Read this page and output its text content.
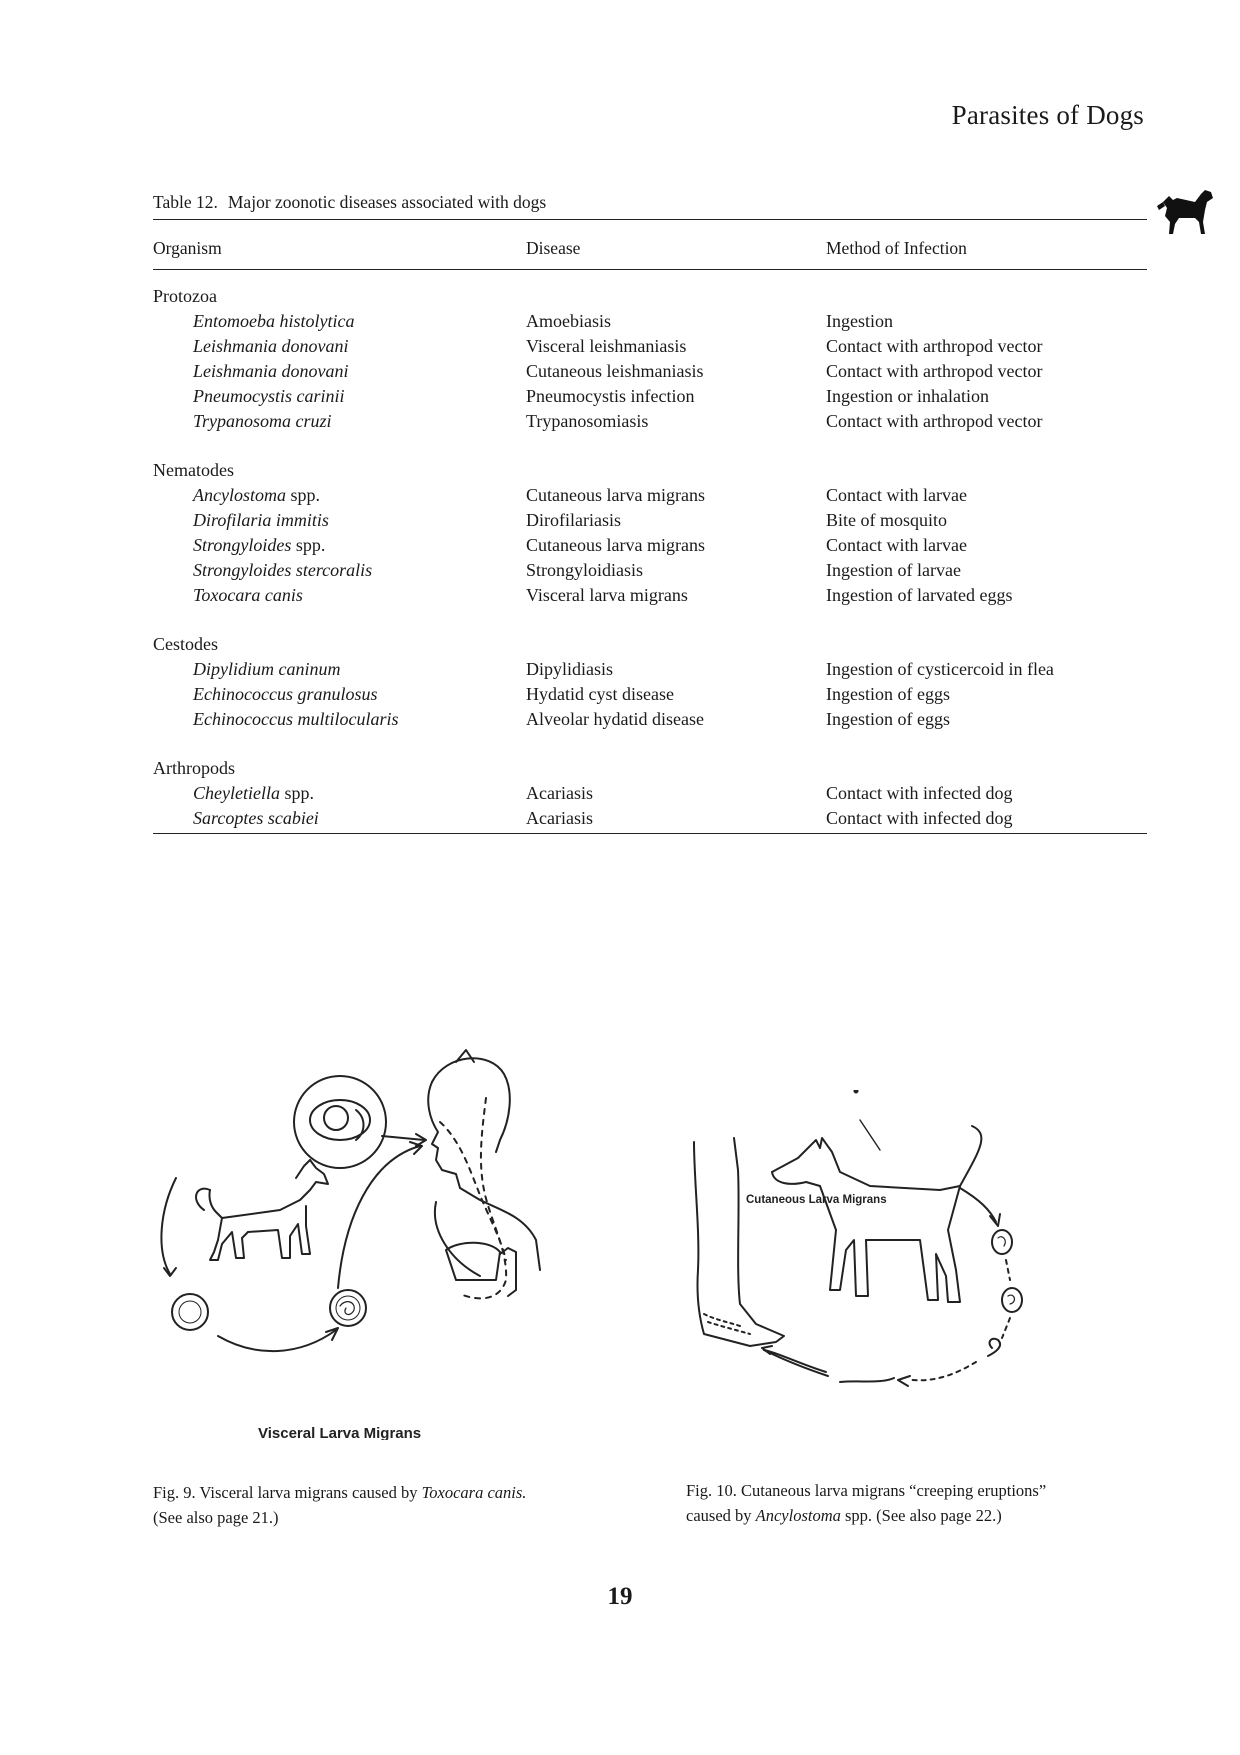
Parasites of Dogs
Table 12. Major zoonotic diseases associated with dogs
Organism	Disease	Method of Infection
Protozoa
Entomoeba histolytica	Amoebiasis	Ingestion
Leishmania donovani	Visceral leishmaniasis	Contact with arthropod vector
Leishmania donovani	Cutaneous leishmaniasis	Contact with arthropod vector
Pneumocystis carinii	Pneumocystis infection	Ingestion or inhalation
Trypanosoma cruzi	Trypanosomiasis	Contact with arthropod vector
Nematodes
Ancylostoma spp.	Cutaneous larva migrans	Contact with larvae
Dirofilaria immitis	Dirofilariasis	Bite of mosquito
Strongyloides spp.	Cutaneous larva migrans	Contact with larvae
Strongyloides stercoralis	Strongyloidiasis	Ingestion of larvae
Toxocara canis	Visceral larva migrans	Ingestion of larvated eggs
Cestodes
Dipylidium caninum	Dipylidiasis	Ingestion of cysticercoid in flea
Echinococcus granulosus	Hydatid cyst disease	Ingestion of eggs
Echinococcus multilocularis	Alveolar hydatid disease	Ingestion of eggs
Arthropods
Cheyletiella spp.	Acariasis	Contact with infected dog
Sarcoptes scabiei	Acariasis	Contact with infected dog
Visceral Larva Migrans
Fig. 9. Visceral larva migrans caused by Toxocara canis.
(See also page 21.)
Cutaneous Larva Migrans
Fig. 10. Cutaneous larva migrans “creeping eruptions”
caused by Ancylostoma spp. (See also page 22.)
19
